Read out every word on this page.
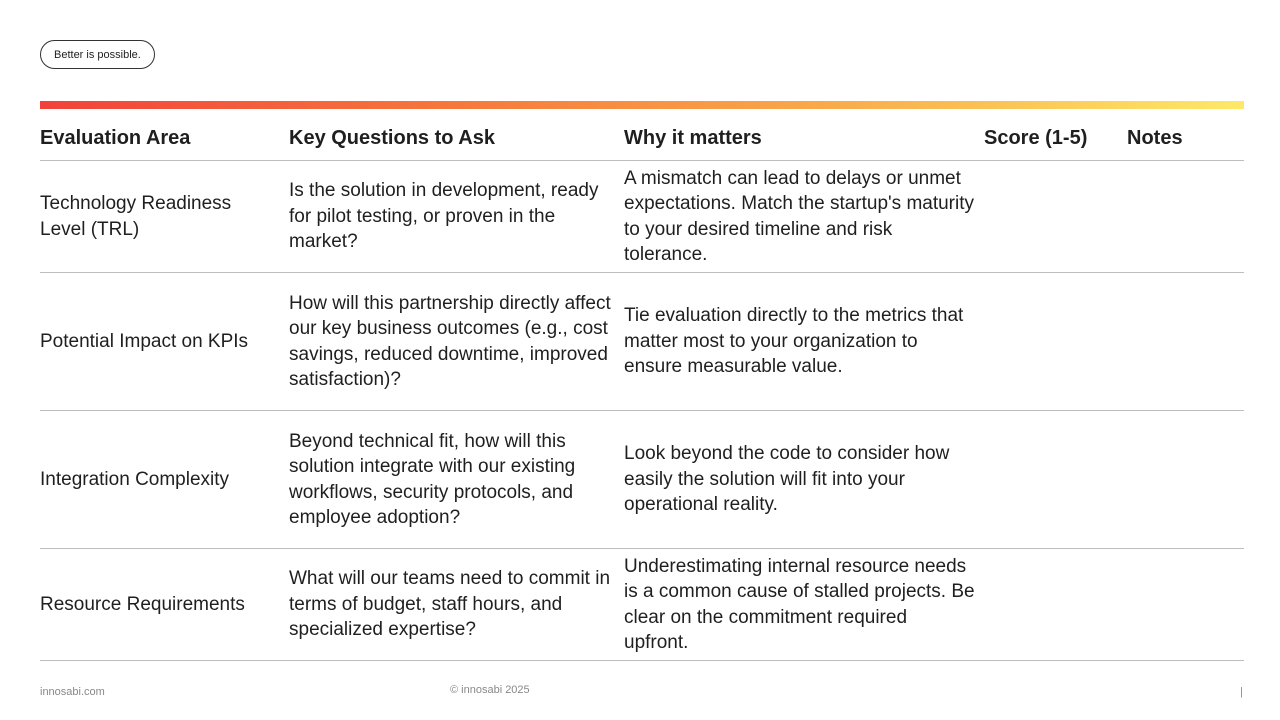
Better is possible.
Evaluation Area	Key Questions to Ask	Why it matters	Score (1-5)	Notes
Technology Readiness Level (TRL)	Is the solution in development, ready for pilot testing, or proven in the market?	A mismatch can lead to delays or unmet expectations. Match the startup's maturity to your desired timeline and risk tolerance.		
Potential Impact on KPIs	How will this partnership directly affect our key business outcomes (e.g., cost savings, reduced downtime, improved satisfaction)?	Tie evaluation directly to the metrics that matter most to your organization to ensure measurable value.		
Integration Complexity	Beyond technical fit, how will this solution integrate with our existing workflows, security protocols, and employee adoption?	Look beyond the code to consider how easily the solution will fit into your operational reality.		
Resource Requirements	What will our teams need to commit in terms of budget, staff hours, and specialized expertise?	Underestimating internal resource needs is a common cause of stalled projects. Be clear on the commitment required upfront.		
innosabi.com	© innosabi 2025	|
